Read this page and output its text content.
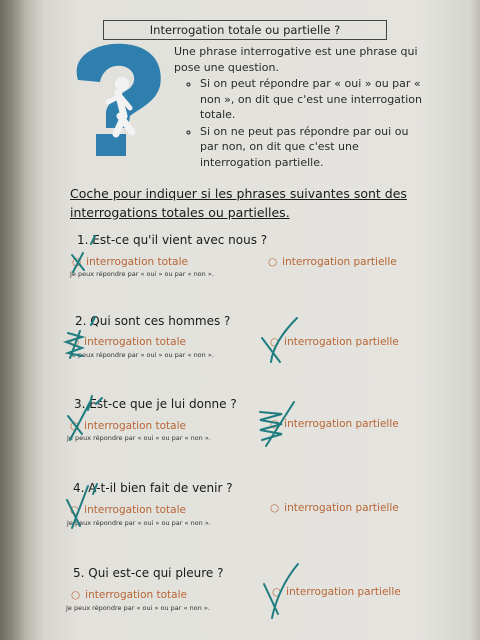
Interrogation totale ou partielle ?
Une phrase interrogative est une phrase qui pose une question.
◦ Si on peut répondre par « oui » ou par « non », on dit que c'est une interrogation totale.
◦ Si on ne peut pas répondre par oui ou par non, on dit que c'est une interrogation partielle.
Coche pour indiquer si les phrases suivantes sont des interrogations totales ou partielles.
1. Est-ce qu'il vient avec nous ?
○ interrogation totale
Je peux répondre par « oui » ou par « non ».
○ interrogation partielle
2. Qui sont ces hommes ?
○ interrogation totale
Je peux répondre par « oui » ou par « non ».
○ interrogation partielle
3. Est-ce que je lui donne ?
○ interrogation totale
Je peux répondre par « oui » ou par « non ».
○ interrogation partielle
4. A-t-il bien fait de venir ?
○ interrogation totale
Je peux répondre par « oui » ou par « non ».
○ interrogation partielle
5. Qui est-ce qui pleure ?
○ interrogation totale
Je peux répondre par « oui » ou par « non ».
○ interrogation partielle
